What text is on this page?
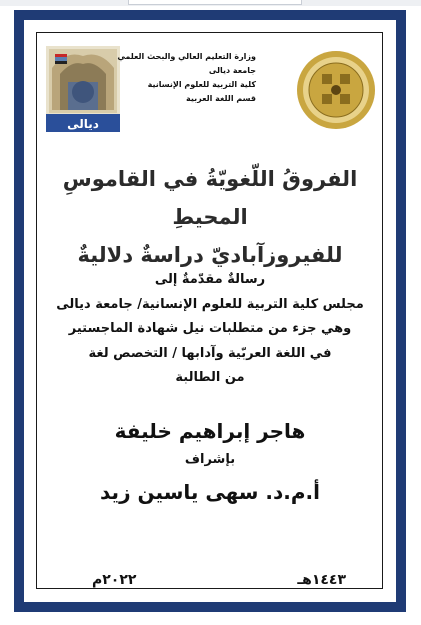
ديالى
وزارة التعليم العالي والبحث العلمي
جامعة ديالى
كلية التربية للعلوم الإنسانية
قسم اللغة العربية
الفروقُ اللّغويّةُ في القاموسِ المحيطِ
للفيروزآباديّ دراسةٌ دلاليةٌ
رسالةٌ مقدّمةٌ إلى
مجلس كلية التربية للعلوم الإنسانية/ جامعة ديالى
وهي جزء من متطلبات نيل شهادة الماجستير
في اللغة العربّية وآدابها / التخصص لغة
من الطالبة
هاجر إبراهيم خليفة
بإشراف
أ.م.د. سهى ياسين زيد
١٤٤٣هـ
٢٠٢٢م
